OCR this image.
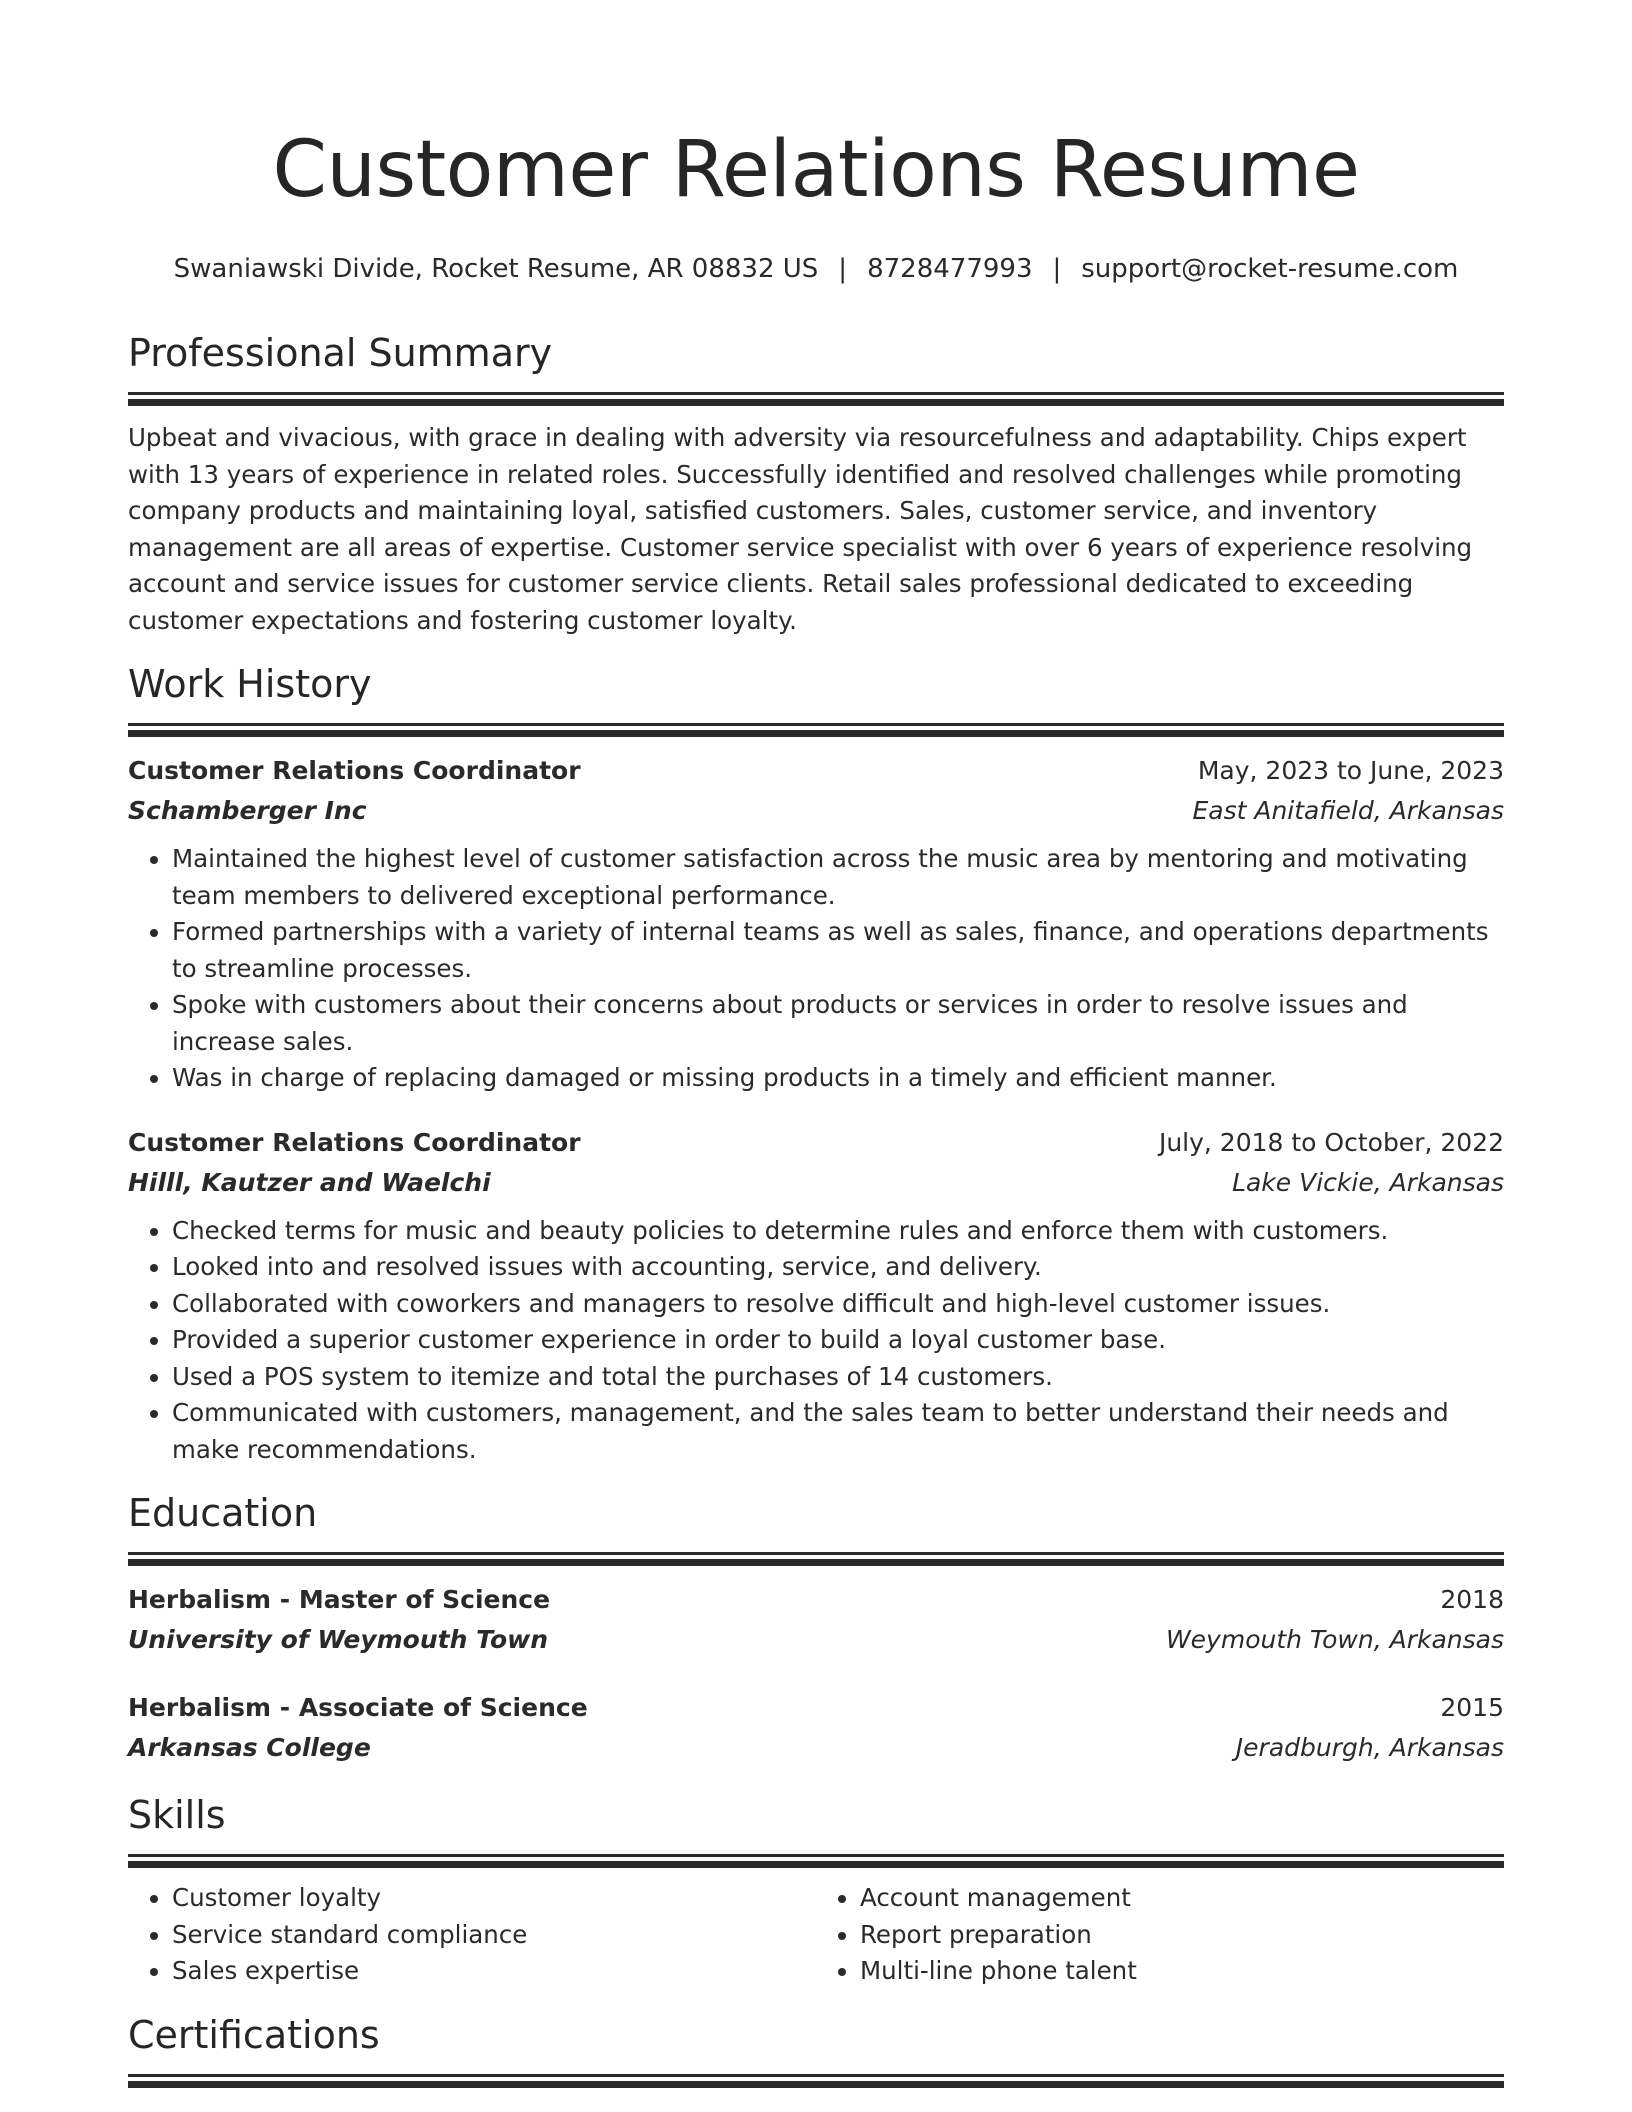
Customer Relations Resume
Swaniawski Divide, Rocket Resume, AR 08832 US | 8728477993 | support@rocket-resume.com
Professional Summary
Upbeat and vivacious, with grace in dealing with adversity via resourcefulness and adaptability. Chips expert with 13 years of experience in related roles. Successfully identified and resolved challenges while promoting company products and maintaining loyal, satisfied customers. Sales, customer service, and inventory management are all areas of expertise. Customer service specialist with over 6 years of experience resolving account and service issues for customer service clients. Retail sales professional dedicated to exceeding customer expectations and fostering customer loyalty.
Work History
Customer Relations Coordinator	May, 2023 to June, 2023
Schamberger Inc	East Anitafield, Arkansas
• Maintained the highest level of customer satisfaction across the music area by mentoring and motivating team members to delivered exceptional performance.
• Formed partnerships with a variety of internal teams as well as sales, finance, and operations departments to streamline processes.
• Spoke with customers about their concerns about products or services in order to resolve issues and increase sales.
• Was in charge of replacing damaged or missing products in a timely and efficient manner.
Customer Relations Coordinator	July, 2018 to October, 2022
Hilll, Kautzer and Waelchi	Lake Vickie, Arkansas
• Checked terms for music and beauty policies to determine rules and enforce them with customers.
• Looked into and resolved issues with accounting, service, and delivery.
• Collaborated with coworkers and managers to resolve difficult and high-level customer issues.
• Provided a superior customer experience in order to build a loyal customer base.
• Used a POS system to itemize and total the purchases of 14 customers.
• Communicated with customers, management, and the sales team to better understand their needs and make recommendations.
Education
Herbalism - Master of Science	2018
University of Weymouth Town	Weymouth Town, Arkansas
Herbalism - Associate of Science	2015
Arkansas College	Jeradburgh, Arkansas
Skills
• Customer loyalty
• Service standard compliance
• Sales expertise
• Account management
• Report preparation
• Multi-line phone talent
Certifications
